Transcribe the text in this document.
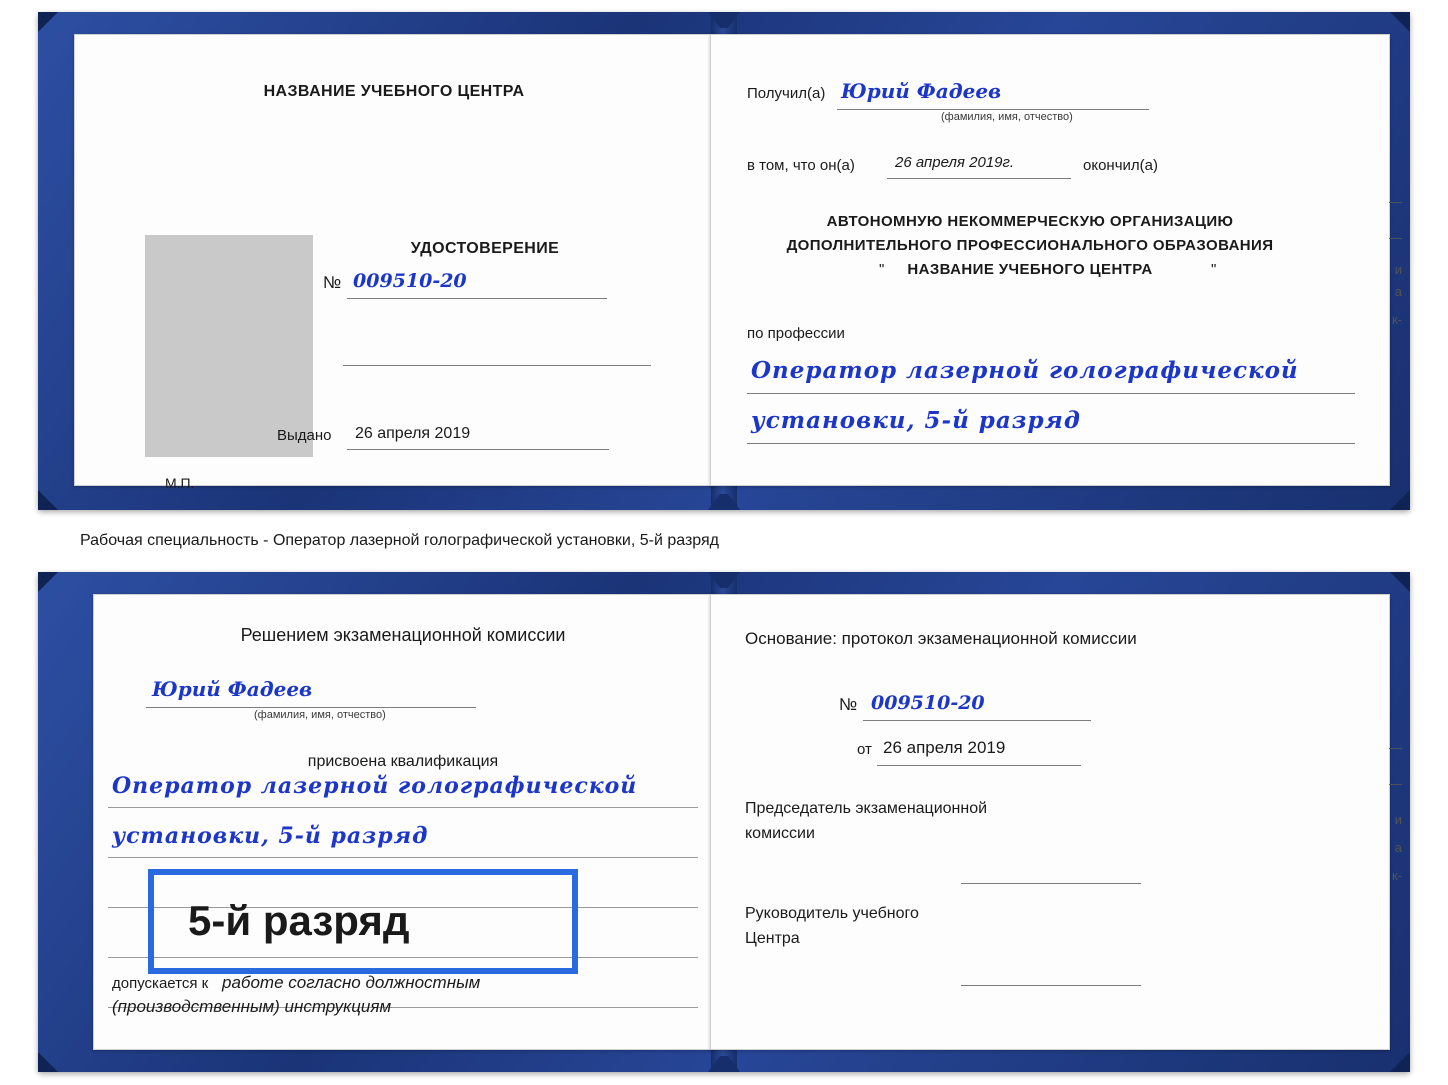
НАЗВАНИЕ УЧЕБНОГО ЦЕНТРА
УДОСТОВЕРЕНИЕ
№ 009510-20
Выдано 26 апреля 2019
М.П.
Получил(а) Юрий Фадеев
(фамилия, имя, отчество)
в том, что он(а)	26 апреля 2019г.	окончил(а)
АВТОНОМНУЮ НЕКОММЕРЧЕСКУЮ ОРГАНИЗАЦИЮ
ДОПОЛНИТЕЛЬНОГО ПРОФЕССИОНАЛЬНОГО ОБРАЗОВАНИЯ
"	НАЗВАНИЕ УЧЕБНОГО ЦЕНТРА	"
по профессии
Оператор лазерной голографической
установки, 5-й разряд
—
—
и
а
к-
Рабочая специальность - Оператор лазерной голографической установки, 5-й разряд
Решением экзаменационной комиссии
Юрий Фадеев
(фамилия, имя, отчество)
присвоена квалификация
Оператор лазерной голографической
установки, 5-й разряд
допускается к работе согласно должностным
(производственным) инструкциям
5-й разряд
Основание: протокол экзаменационной комиссии
№ 009510-20
от 26 апреля 2019
Председатель экзаменационной
комиссии
Руководитель учебного
Центра
—
—
и
а
к-
